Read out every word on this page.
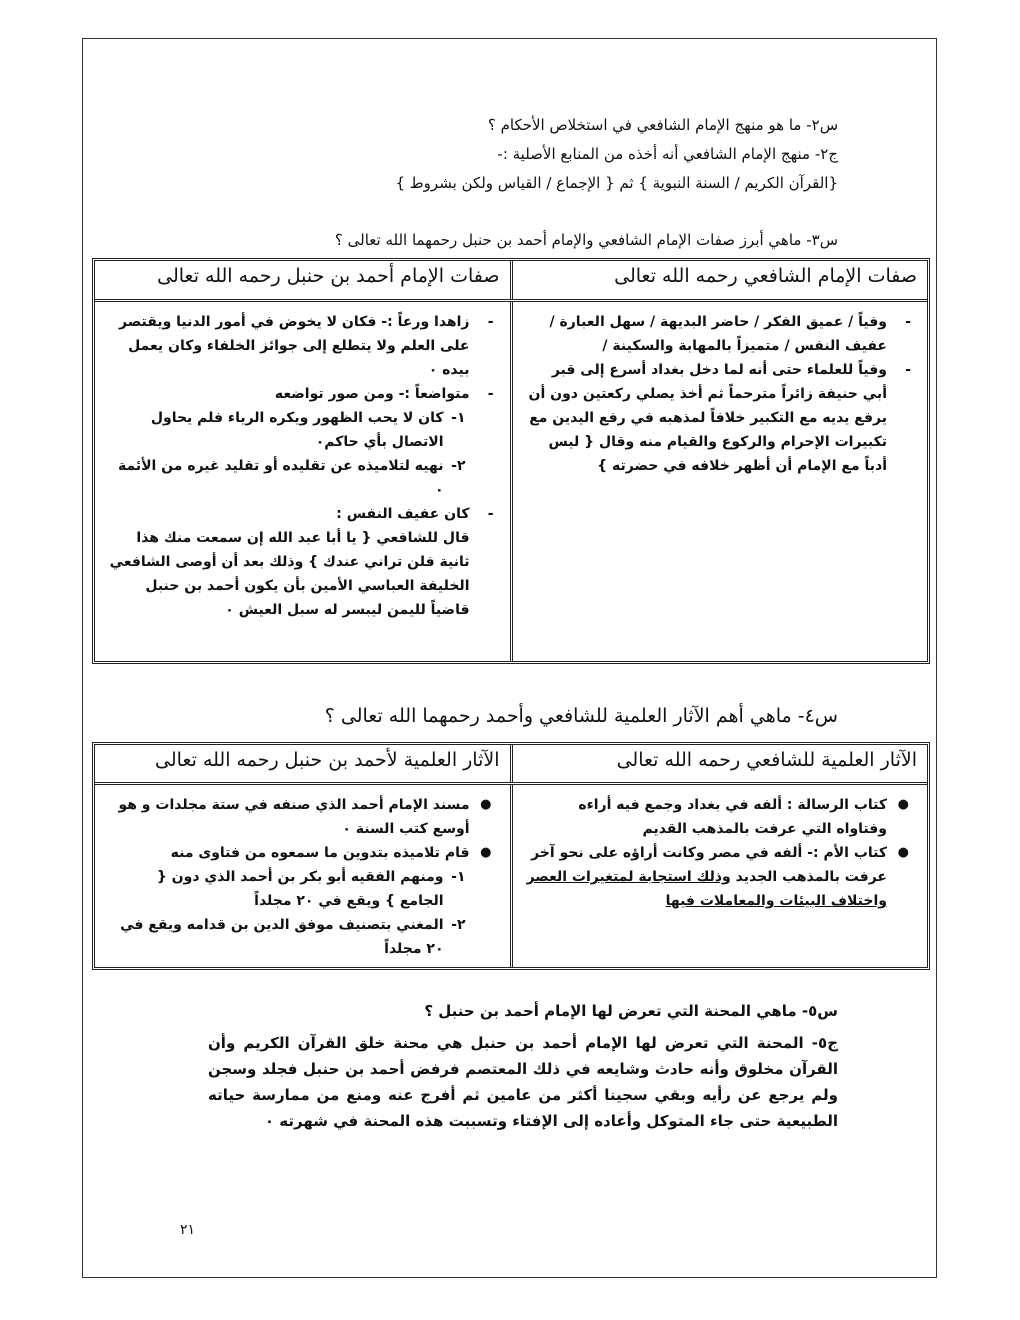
س٢- ما هو منهج الإمام الشافعي في استخلاص الأحكام ؟
ج٢- منهج الإمام الشافعي أنه أخذه من المنابع الأصلية :-
{القرآن الكريم / السنة النبوية } ثم { الإجماع / القياس ولكن بشروط }
س٣- ماهي أبرز صفات الإمام الشافعي والإمام أحمد بن حنبل رحمهما الله تعالى ؟
صفات الإمام الشافعي رحمه الله تعالى
صفات الإمام أحمد بن حنبل رحمه الله تعالى
-
وفياً / عميق الفكر / حاضر البديهة / سهل العبارة / عفيف النفس / متميزاً بالمهابة والسكينة /
-
وفياً للعلماء حتى أنه لما دخل بغداد أسرع إلى قبر أبي حنيفة زائراً مترحماً ثم أخذ يصلي ركعتين دون أن يرفع يديه مع التكبير خلافاً لمذهبه في رفع اليدين مع تكبيرات الإحرام والركوع والقيام منه وقال { ليس أدباً مع الإمام أن أظهر خلافه في حضرته }
-
زاهدا ورعاً :- فكان لا يخوض في أمور الدنيا ويقتصر على العلم ولا يتطلع إلى جوائز الخلفاء وكان يعمل بيده ٠
-
متواضعاً :- ومن صور تواضعه
١-
كان لا يحب الظهور ويكره الرياء فلم يحاول الاتصال بأي حاكم٠
٢-
نهيه لتلاميذه عن تقليده أو تقليد غيره من الأئمة ٠
-
كان عفيف النفس :
قال للشافعي { يا أبا عبد الله إن سمعت منك هذا ثانية فلن تراني عندك } وذلك بعد أن أوصى الشافعي الخليفة العباسي الأمين بأن يكون أحمد بن حنبل قاضياً لليمن ليبسر له سبل العيش ٠
س٤- ماهي أهم الآثار العلمية للشافعي وأحمد رحمهما الله تعالى ؟
الآثار العلمية للشافعي رحمه الله تعالى
الآثار العلمية لأحمد بن حنبل رحمه الله تعالى
●
كتاب الرسالة : ألفه في بغداد وجمع فيه أراءه وفتاواه التي عرفت بالمذهب القديم
●
كتاب الأم :- ألفه في مصر وكانت أراؤه على نحو آخر عرفت بالمذهب الجديد وذلك استجابة لمتغيرات العصر واختلاف البيئات والمعاملات فيها
●
مسند الإمام أحمد الذي صنفه في ستة مجلدات و هو أوسع كتب السنة ٠
●
قام تلاميذه بتدوين ما سمعوه من فتاوى منه
١-
ومنهم الفقيه أبو بكر بن أحمد الذي دون { الجامع } ويقع في ٢٠ مجلداً
٢-
المغني بتصنيف موفق الدين بن قدامه ويقع في ٢٠ مجلداً
س٥- ماهي المحنة التي تعرض لها الإمام أحمد بن حنبل ؟
ج٥- المحنة التي تعرض لها الإمام أحمد بن حنبل هي محنة خلق القرآن الكريم وأن القرآن مخلوق وأنه حادث وشايعه في ذلك المعتصم فرفض أحمد بن حنبل فجلد وسجن ولم يرجع عن رأيه وبقي سجينا أكثر من عامين ثم أفرج عنه ومنع من ممارسة حياته الطبيعية حتى جاء المتوكل وأعاده إلى الإفتاء وتسببت هذه المحنة في شهرته ٠
٢١
